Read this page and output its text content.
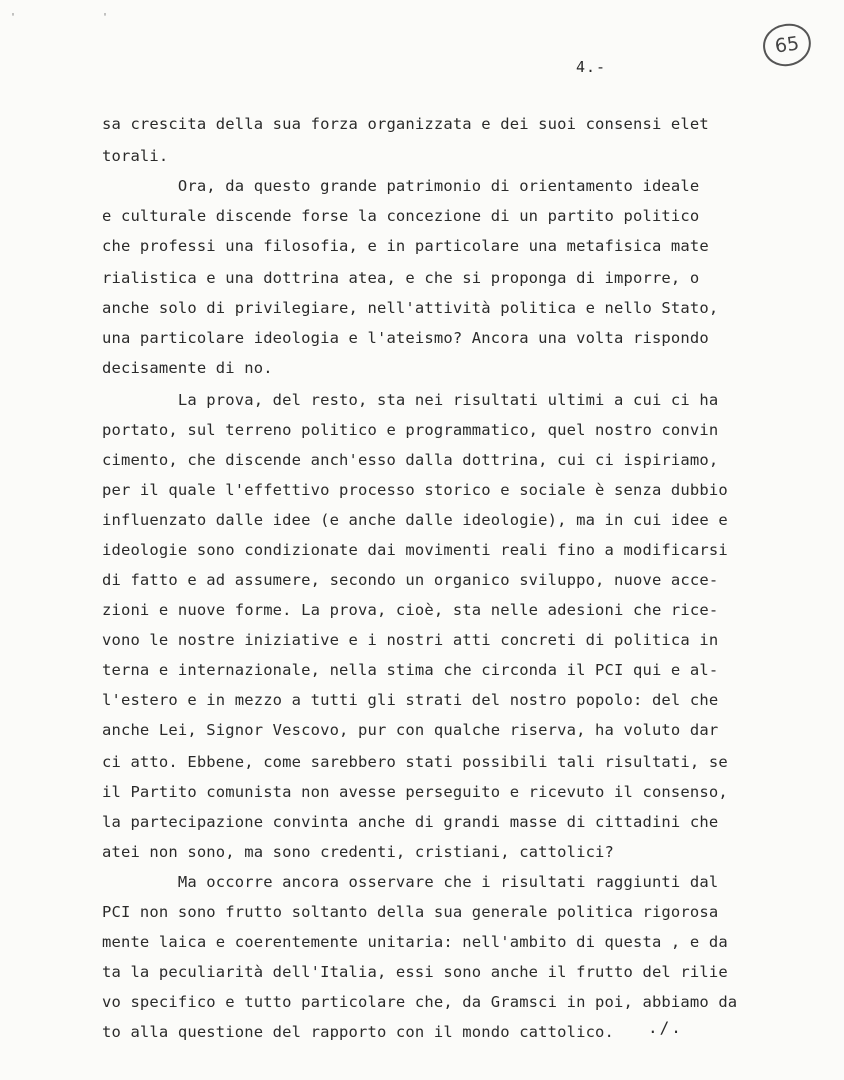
' '
65
4.-
sa crescita della sua forza organizzata e dei suoi consensi elet
torali.
Ora, da questo grande patrimonio di orientamento ideale
e culturale discende forse la concezione di un partito politico
che professi una filosofia, e in particolare una metafisica mate
rialistica e una dottrina atea, e che si proponga di imporre, o
anche solo di privilegiare, nell'attività politica e nello Stato,
una particolare ideologia e l'ateismo? Ancora una volta rispondo
decisamente di no.
La prova, del resto, sta nei risultati ultimi a cui ci ha
portato, sul terreno politico e programmatico, quel nostro convin
cimento, che discende anch'esso dalla dottrina, cui ci ispiriamo,
per il quale l'effettivo processo storico e sociale è senza dubbio
influenzato dalle idee (e anche dalle ideologie), ma in cui idee e
ideologie sono condizionate dai movimenti reali fino a modificarsi
di fatto e ad assumere, secondo un organico sviluppo, nuove acce-
zioni e nuove forme. La prova, cioè, sta nelle adesioni che rice-
vono le nostre iniziative e i nostri atti concreti di politica in
terna e internazionale, nella stima che circonda il PCI qui e al-
l'estero e in mezzo a tutti gli strati del nostro popolo: del che
anche Lei, Signor Vescovo, pur con qualche riserva, ha voluto dar
ci atto. Ebbene, come sarebbero stati possibili tali risultati, se
il Partito comunista non avesse perseguito e ricevuto il consenso,
la partecipazione convinta anche di grandi masse di cittadini che
atei non sono, ma sono credenti, cristiani, cattolici?
Ma occorre ancora osservare che i risultati raggiunti dal
PCI non sono frutto soltanto della sua generale politica rigorosa
mente laica e coerentemente unitaria: nell'ambito di questa , e da
ta la peculiarità dell'Italia, essi sono anche il frutto del rilie
vo specifico e tutto particolare che, da Gramsci in poi, abbiamo da
to alla questione del rapporto con il mondo cattolico. ./.
